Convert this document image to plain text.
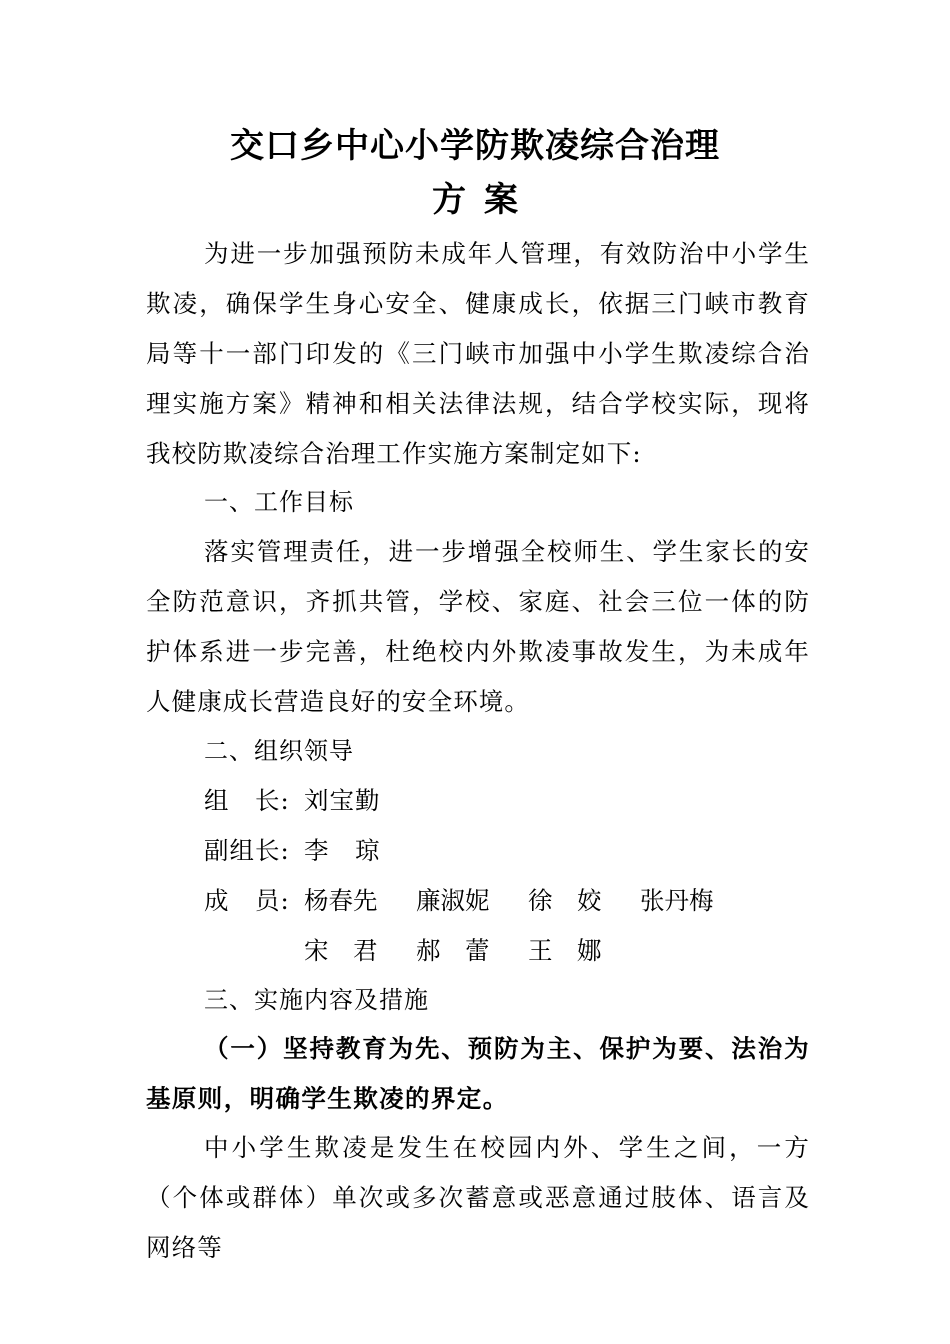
交口乡中心小学防欺凌综合治理
方案
为进一步加强预防未成年人管理，有效防治中小学生欺凌，确保学生身心安全、健康成长，依据三门峡市教育局等十一部门印发的《三门峡市加强中小学生欺凌综合治理实施方案》精神和相关法律法规，结合学校实际，现将我校防欺凌综合治理工作实施方案制定如下:
一、工作目标
落实管理责任，进一步增强全校师生、学生家长的安全防范意识，齐抓共管，学校、家庭、社会三位一体的防护体系进一步完善，杜绝校内外欺凌事故发生，为未成年人健康成长营造良好的安全环境。
二、组织领导
组　长: 刘宝勤
副组长: 李　琼
成　员: 杨春先 廉淑妮 徐　姣 张丹梅
宋　君 郝　蕾 王　娜
三、实施内容及措施
（一）坚持教育为先、预防为主、保护为要、法治为基原则，明确学生欺凌的界定。
中小学生欺凌是发生在校园内外、学生之间，一方（个体或群体）单次或多次蓄意或恶意通过肢体、语言及网络等
